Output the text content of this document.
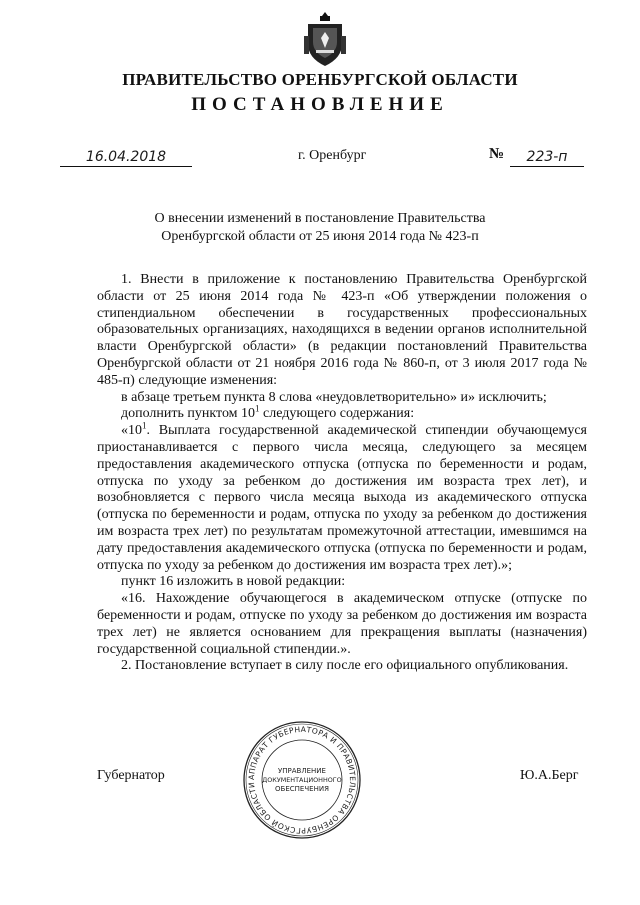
ПРАВИТЕЛЬСТВО ОРЕНБУРГСКОЙ ОБЛАСТИ
ПОСТАНОВЛЕНИЕ
16.04.2018	г. Оренбург	№	223-п
О внесении изменений в постановление Правительства
Оренбургской области от 25 июня 2014 года № 423-п

1. Внести в приложение к постановлению Правительства Оренбургской области от 25 июня 2014 года № 423-п «Об утверждении положения о стипендиальном обеспечении в государственных профессиональных образовательных организациях, находящихся в ведении органов исполнительной власти Оренбургской области» (в редакции постановлений Правительства Оренбургской области от 21 ноября 2016 года № 860-п, от 3 июля 2017 года № 485-п) следующие изменения:

в абзаце третьем пункта 8 слова «неудовлетворительно» и» исключить;

дополнить пунктом $10^1$ следующего содержания:

«$10^1$. Выплата государственной академической стипендии обучающемуся приостанавливается с первого числа месяца, следующего за месяцем предоставления академического отпуска (отпуска по беременности и родам, отпуска по уходу за ребенком до достижения им возраста трех лет), и возобновляется с первого числа месяца выхода из академического отпуска (отпуска по беременности и родам, отпуска по уходу за ребенком до достижения им возраста трех лет) по результатам промежуточной аттестации, имевшимся на дату предоставления академического отпуска (отпуска по беременности и родам, отпуска по уходу за ребенком до достижения им возраста трех лет).»;

пункт 16 изложить в новой редакции:

«16. Нахождение обучающегося в академическом отпуске (отпуске по беременности и родам, отпуске по уходу за ребенком до достижения им возраста трех лет) не является основанием для прекращения выплаты (назначения) государственной социальной стипендии.».

2. Постановление вступает в силу после его официального опубликования.

Губернатор	Ю.А.Берг
АППАРАТ ГУБЕРНАТОРА И ПРАВИТЕЛЬСТВА ОРЕНБУРГСКОЙ ОБЛАСТИ
УПРАВЛЕНИЕ
ДОКУМЕНТАЦИОННОГО
ОБЕСПЕЧЕНИЯ
